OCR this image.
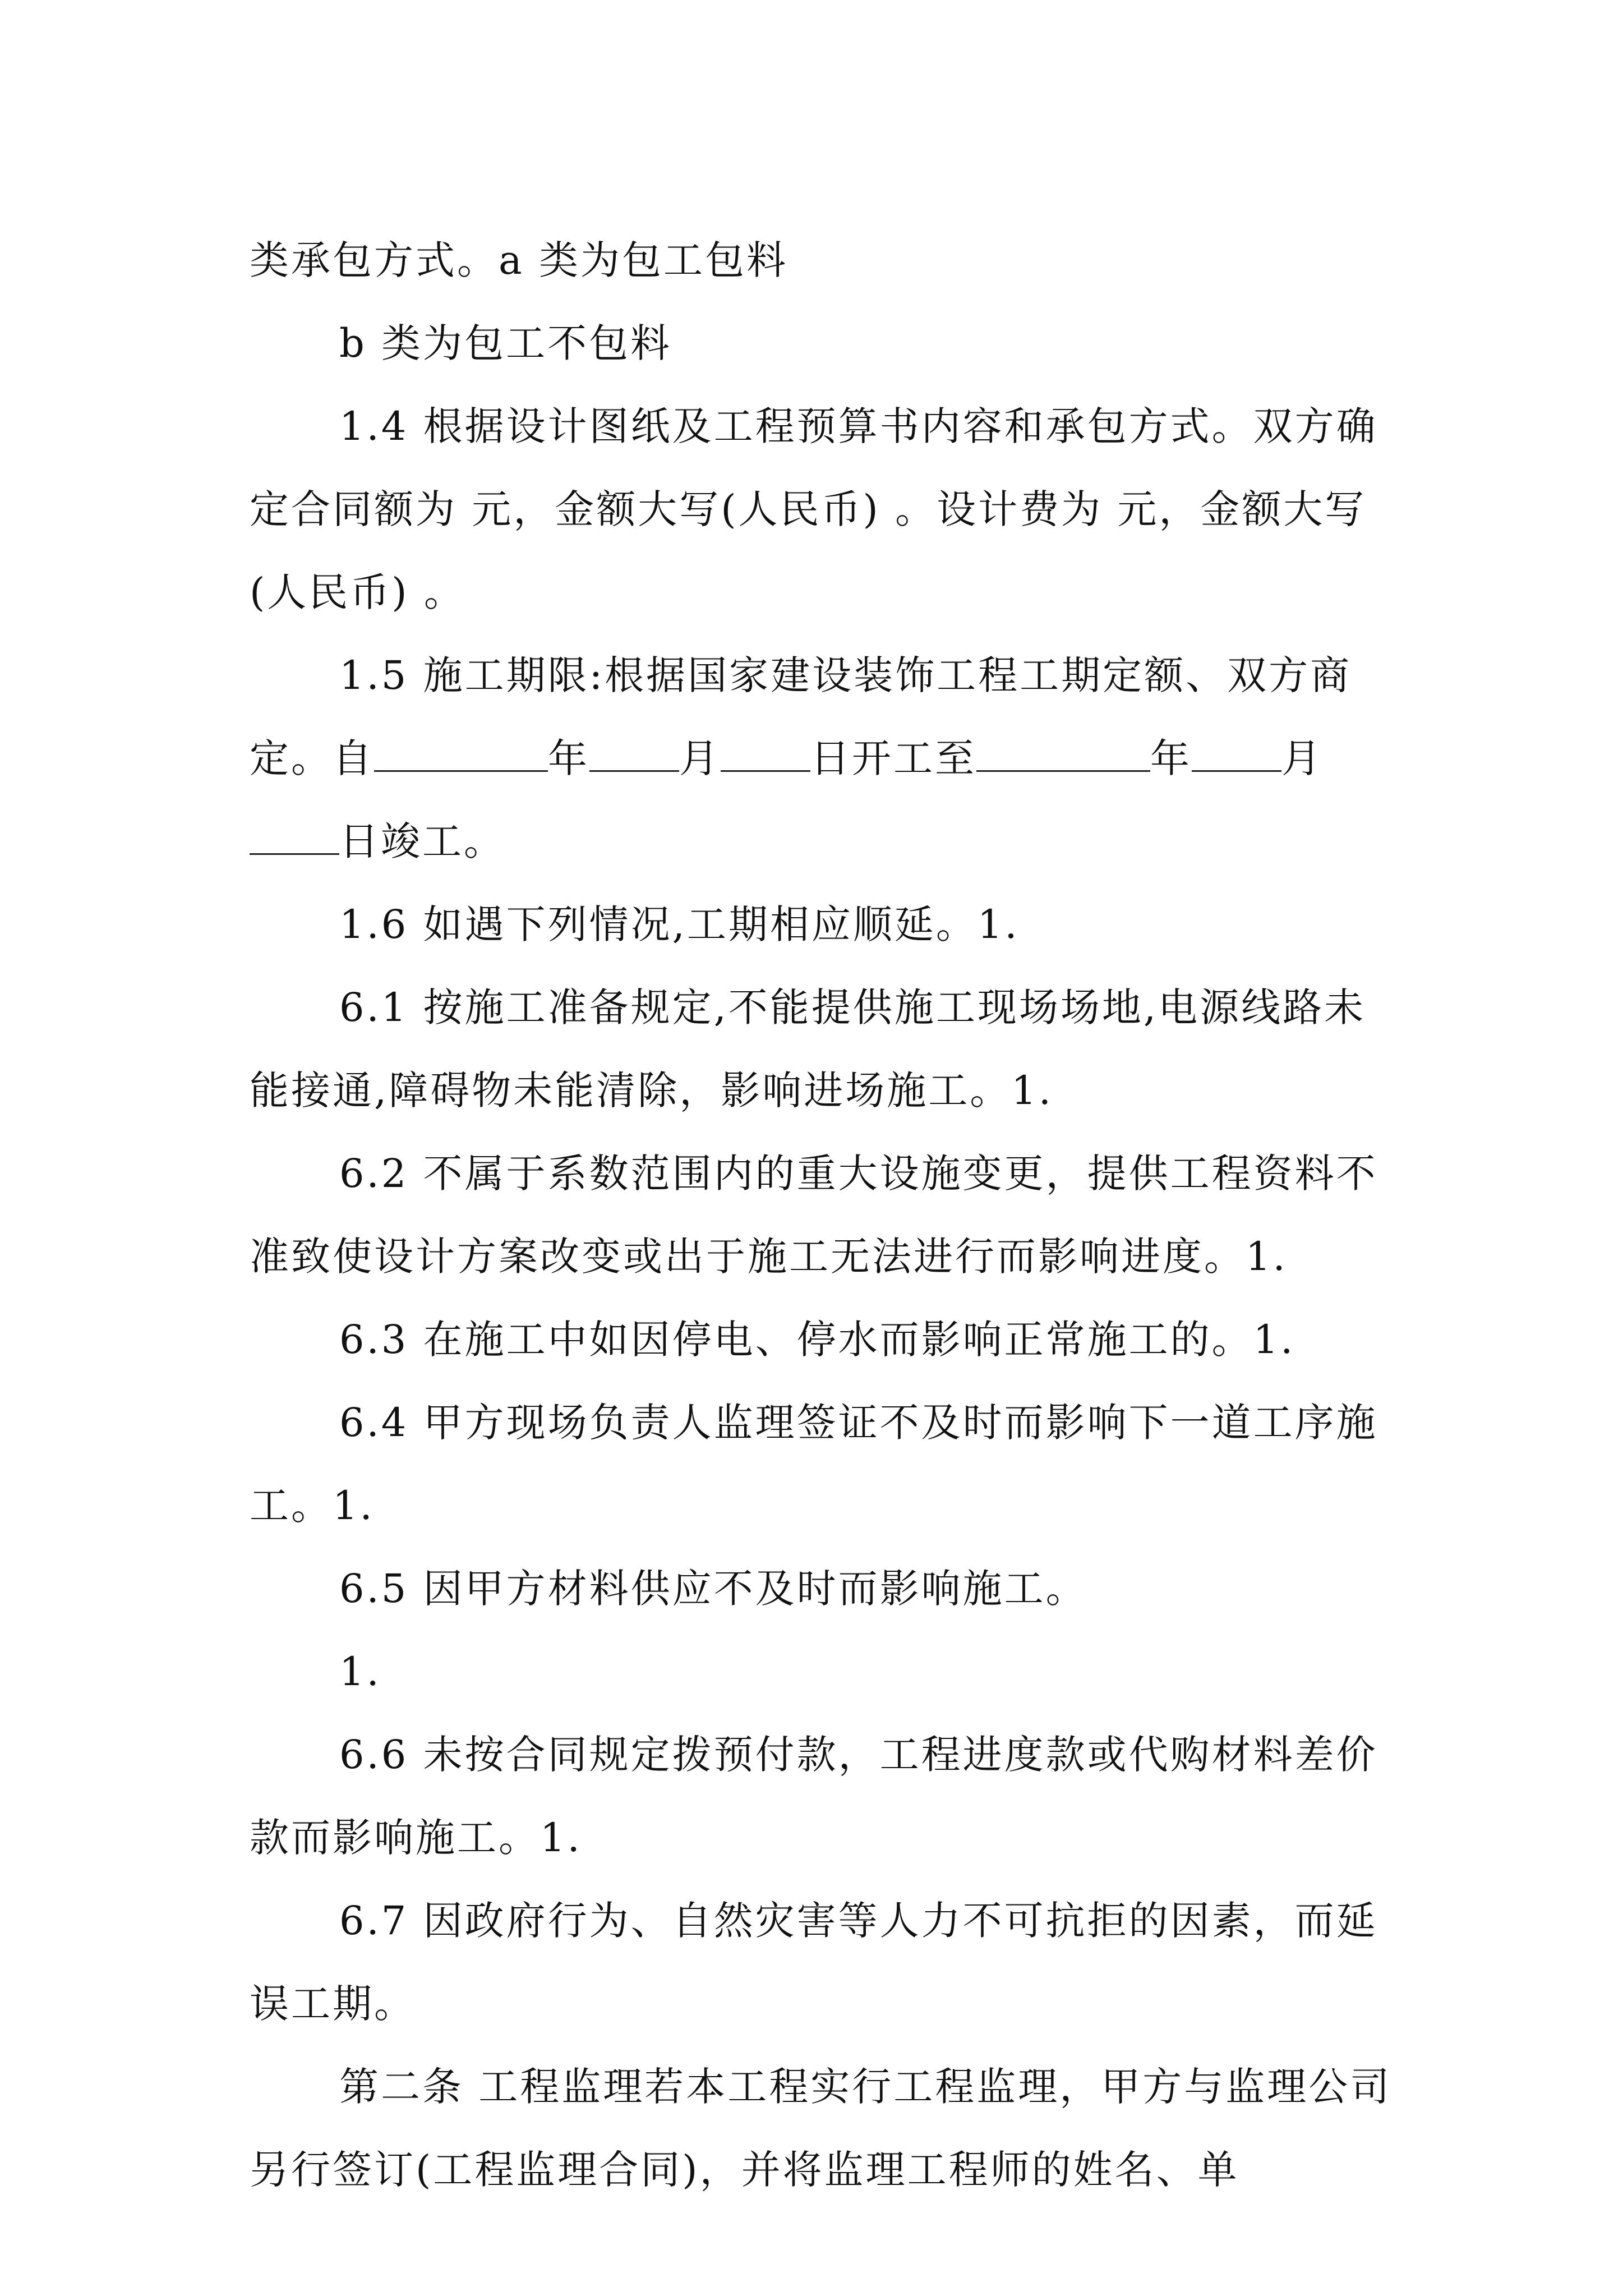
类承包方式。a 类为包工包料

b 类为包工不包料

1.4 根据设计图纸及工程预算书内容和承包方式。双方确定合同额为 元，金额大写(人民币) 。设计费为 元，金额大写(人民币) 。

1.5 施工期限:根据国家建设装饰工程工期定额、双方商定。自	年 月 日开工至	年 月日竣工。

1.6 如遇下列情况,工期相应顺延。1.

6.1 按施工准备规定,不能提供施工现场场地,电源线路未能接通,障碍物未能清除，影响进场施工。1.

6.2 不属于系数范围内的重大设施变更，提供工程资料不准致使设计方案改变或出于施工无法进行而影响进度。1.

6.3 在施工中如因停电、停水而影响正常施工的。1.

6.4 甲方现场负责人监理签证不及时而影响下一道工序施工。1.

6.5 因甲方材料供应不及时而影响施工。

1.

6.6 未按合同规定拨预付款，工程进度款或代购材料差价款而影响施工。1.

6.7 因政府行为、自然灾害等人力不可抗拒的因素，而延误工期。

第二条 工程监理若本工程实行工程监理，甲方与监理公司另行签订(工程监理合同)，并将监理工程师的姓名、单
